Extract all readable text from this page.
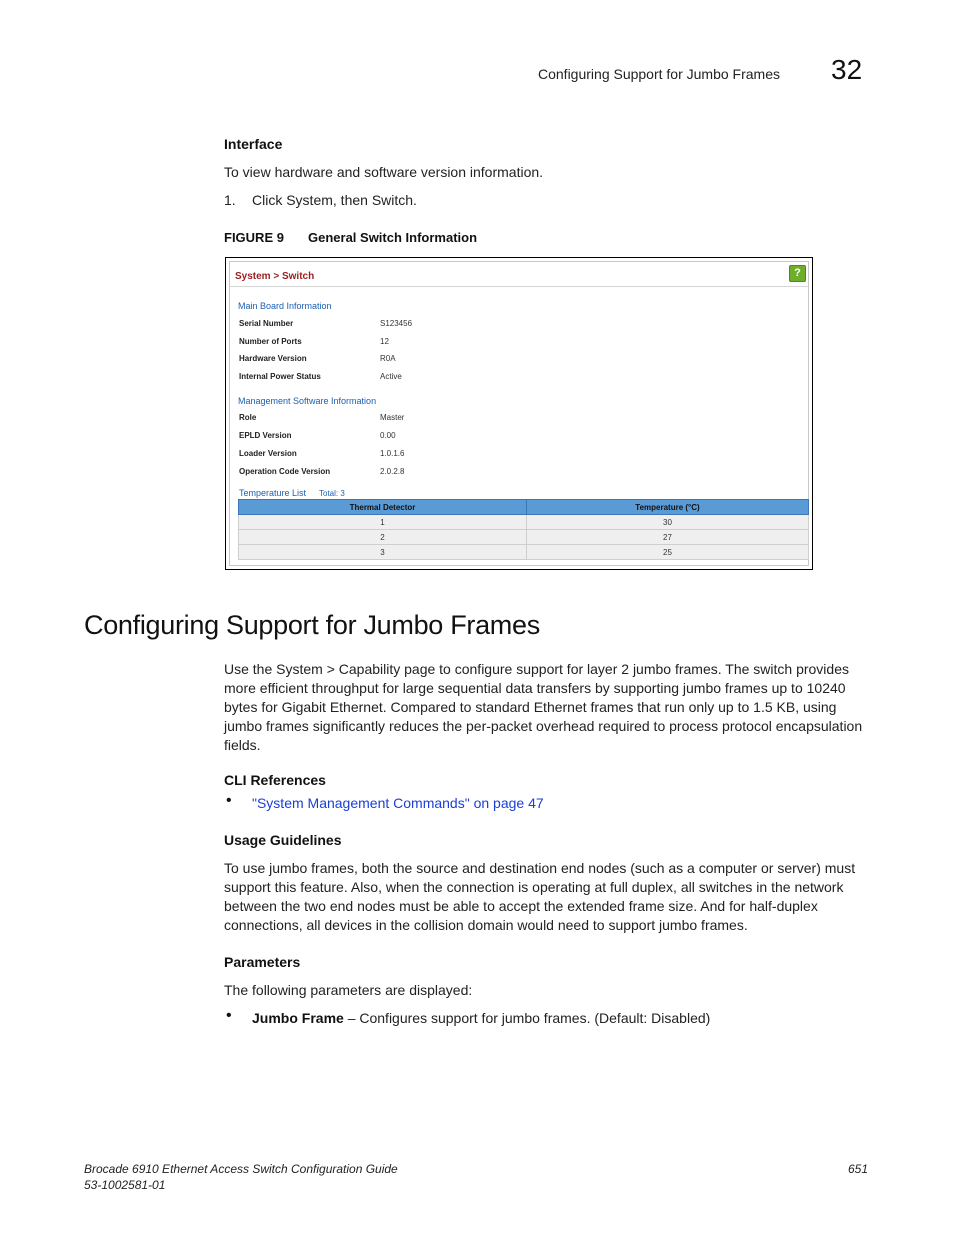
Configuring Support for Jumbo Frames 32
Interface
To view hardware and software version information.
1. Click System, then Switch.
FIGURE 9 General Switch Information
System > Switch	?
Main Board Information
Serial Number	S123456
Number of Ports	12
Hardware Version	R0A
Internal Power Status	Active
Management Software Information
Role	Master
EPLD Version	0.00
Loader Version	1.0.1.6
Operation Code Version	2.0.2.8
Temperature List Total: 3
Thermal Detector	Temperature (°C)
1	30
2	27
3	25
Configuring Support for Jumbo Frames
Use the System > Capability page to configure support for layer 2 jumbo frames. The switch provides more efficient throughput for large sequential data transfers by supporting jumbo frames up to 10240 bytes for Gigabit Ethernet. Compared to standard Ethernet frames that run only up to 1.5 KB, using jumbo frames significantly reduces the per-packet overhead required to process protocol encapsulation fields.
CLI References
• "System Management Commands" on page 47
Usage Guidelines
To use jumbo frames, both the source and destination end nodes (such as a computer or server) must support this feature. Also, when the connection is operating at full duplex, all switches in the network between the two end nodes must be able to accept the extended frame size. And for half-duplex connections, all devices in the collision domain would need to support jumbo frames.
Parameters
The following parameters are displayed:
• Jumbo Frame – Configures support for jumbo frames. (Default: Disabled)
Brocade 6910 Ethernet Access Switch Configuration Guide
53-1002581-01
651
